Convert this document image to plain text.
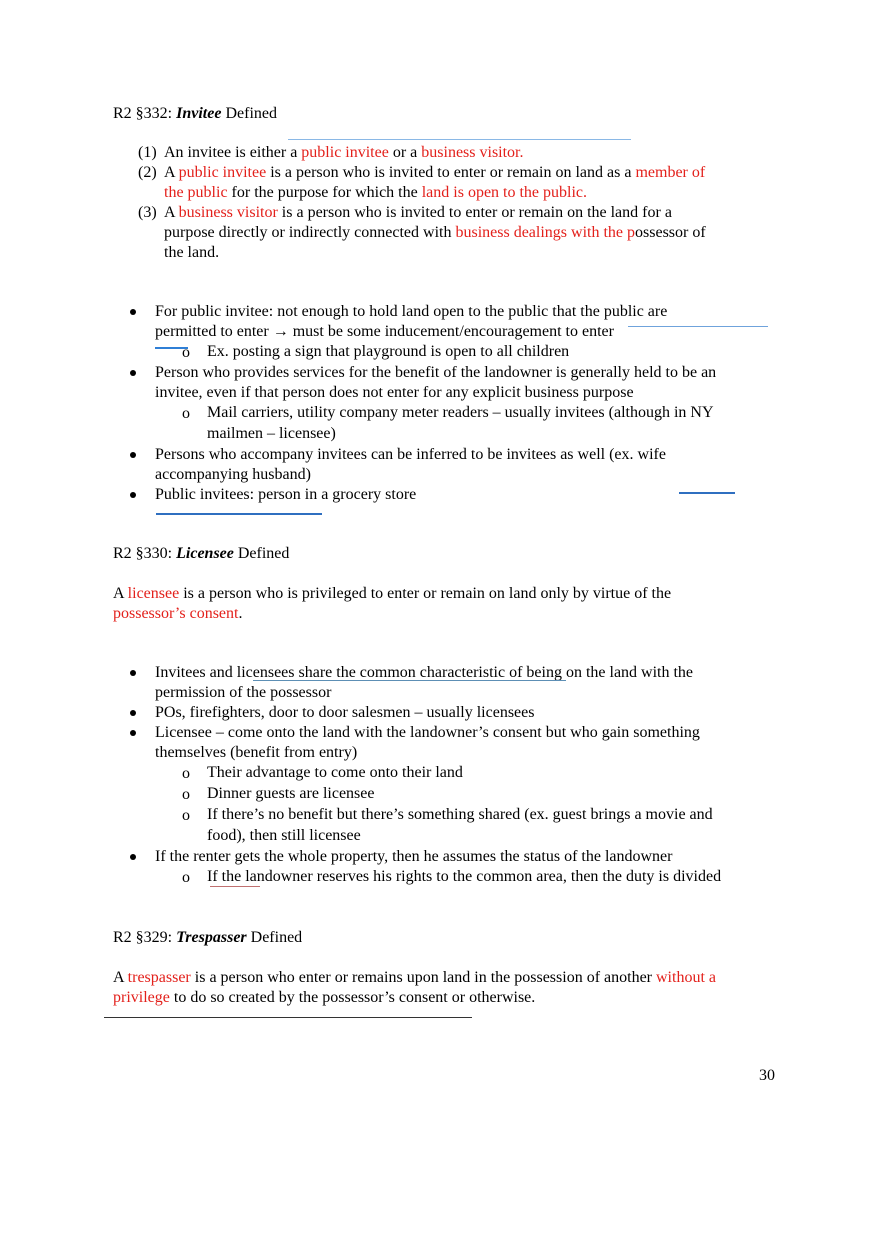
R2 §332: Invitee Defined
(1) An invitee is either a public invitee or a business visitor.
(2) A public invitee is a person who is invited to enter or remain on land as a member of
the public for the purpose for which the land is open to the public.
(3) A business visitor is a person who is invited to enter or remain on the land for a
purpose directly or indirectly connected with business dealings with the possessor of
the land.
For public invitee: not enough to hold land open to the public that the public are
permitted to enter → must be some inducement/encouragement to enter
o Ex. posting a sign that playground is open to all children
Person who provides services for the benefit of the landowner is generally held to be an
invitee, even if that person does not enter for any explicit business purpose
o Mail carriers, utility company meter readers – usually invitees (although in NY
mailmen – licensee)
Persons who accompany invitees can be inferred to be invitees as well (ex. wife
accompanying husband)
Public invitees: person in a grocery store
R2 §330: Licensee Defined
A licensee is a person who is privileged to enter or remain on land only by virtue of the
possessor’s consent.
Invitees and licensees share the common characteristic of being on the land with the
permission of the possessor
POs, firefighters, door to door salesmen – usually licensees
Licensee – come onto the land with the landowner’s consent but who gain something
themselves (benefit from entry)
o Their advantage to come onto their land
o Dinner guests are licensee
o If there’s no benefit but there’s something shared (ex. guest brings a movie and
food), then still licensee
If the renter gets the whole property, then he assumes the status of the landowner
o If the landowner reserves his rights to the common area, then the duty is divided
R2 §329: Trespasser Defined
A trespasser is a person who enter or remains upon land in the possession of another without a
privilege to do so created by the possessor’s consent or otherwise.
30
